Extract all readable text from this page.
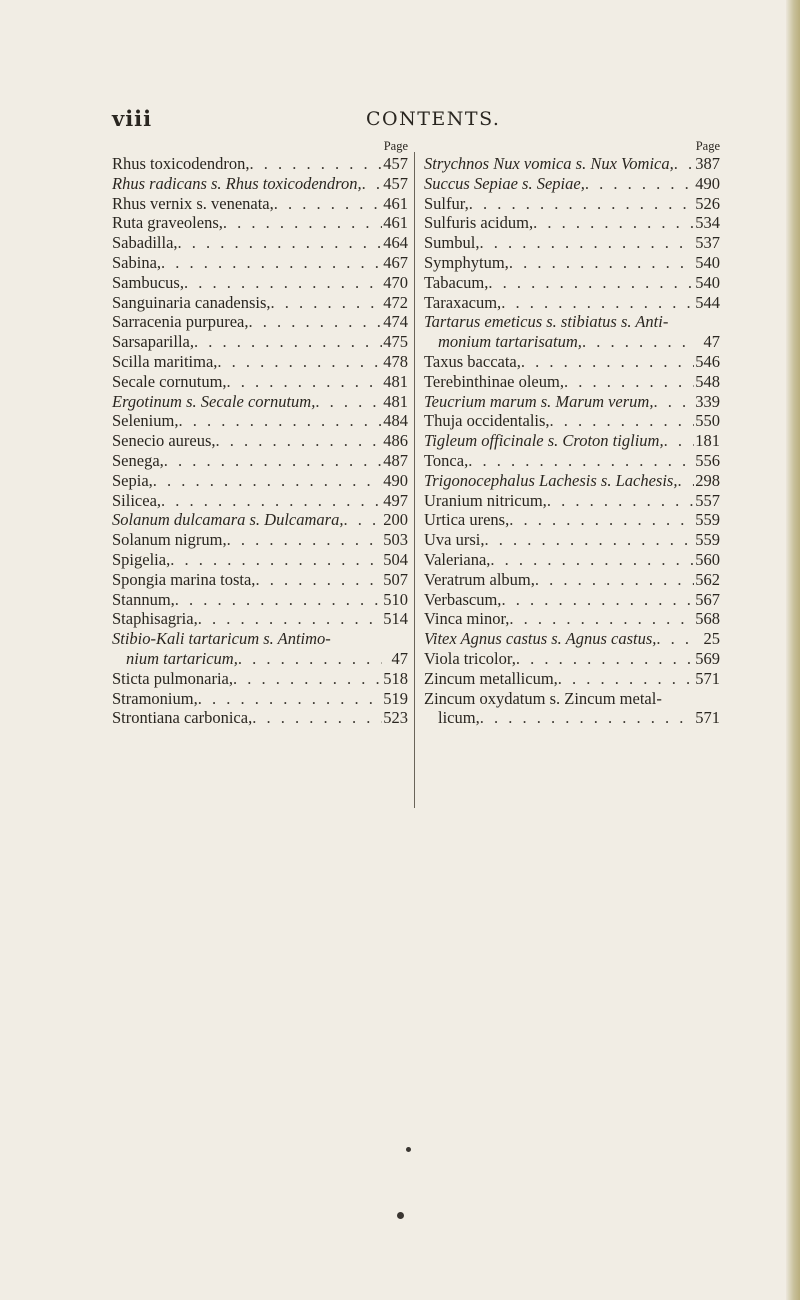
viii	CONTENTS.
Page
Rhus toxicodendron, . . .	457
Rhus radicans s. Rhus toxicodendron, . . . 457
Rhus vernix s. venenata, . . .	461
Ruta graveolens, . . .	461
Sabadilla, . . .	464
Sabina, . . .	467
Sambucus, . . .	470
Sanguinaria canadensis, . . .	472
Sarracenia purpurea, . . .	474
Sarsaparilla, . . .	475
Scilla maritima, . . .	478
Secale cornutum, . . .	481
Ergotinum s. Secale cornutum, . . .	481
Selenium, . . .	484
Senecio aureus, . . .	486
Senega, . . .	487
Sepia, . . .	490
Silicea, . . .	497
Solanum dulcamara s. Dulcamara, . . . 200
Solanum nigrum, . . .	503
Spigelia, . . .	504
Spongia marina tosta, . . .	507
Stannum, . . .	510
Staphisagria, . . .	514
Stibio-Kali tartaricum s. Antimo-
nium tartaricum, . . .	47
Sticta pulmonaria, . . .	518
Stramonium, . . .	519
Strontiana carbonica, . . .	523
Page
Strychnos Nux vomica s. Nux Vomica, . . . 387
Succus Sepiae s. Sepiae, . . .	490
Sulfur, . . .	526
Sulfuris acidum, . . .	534
Sumbul, . . .	537
Symphytum, . . .	540
Tabacum, . . .	540
Taraxacum, . . .	544
Tartarus emeticus s. stibiatus s. Anti-
monium tartarisatum, . . .	47
Taxus baccata, . . .	546
Terebinthinae oleum, . . .	548
Teucrium marum s. Marum verum, . . .	339
Thuja occidentalis, . . .	550
Tigleum officinale s. Croton tiglium, . . . 181
Tonca, . . .	556
Trigonocephalus Lachesis s. Lachesis, . . . 298
Uranium nitricum, . . .	557
Urtica urens, . . .	559
Uva ursi, . . .	559
Valeriana, . . .	560
Veratrum album, . . .	562
Verbascum, . . .	567
Vinca minor, . . .	568
Vitex Agnus castus s. Agnus castus, . . .	25
Viola tricolor, . . .	569
Zincum metallicum, . . .	571
Zincum oxydatum s. Zincum metal-
licum, . . .	571
